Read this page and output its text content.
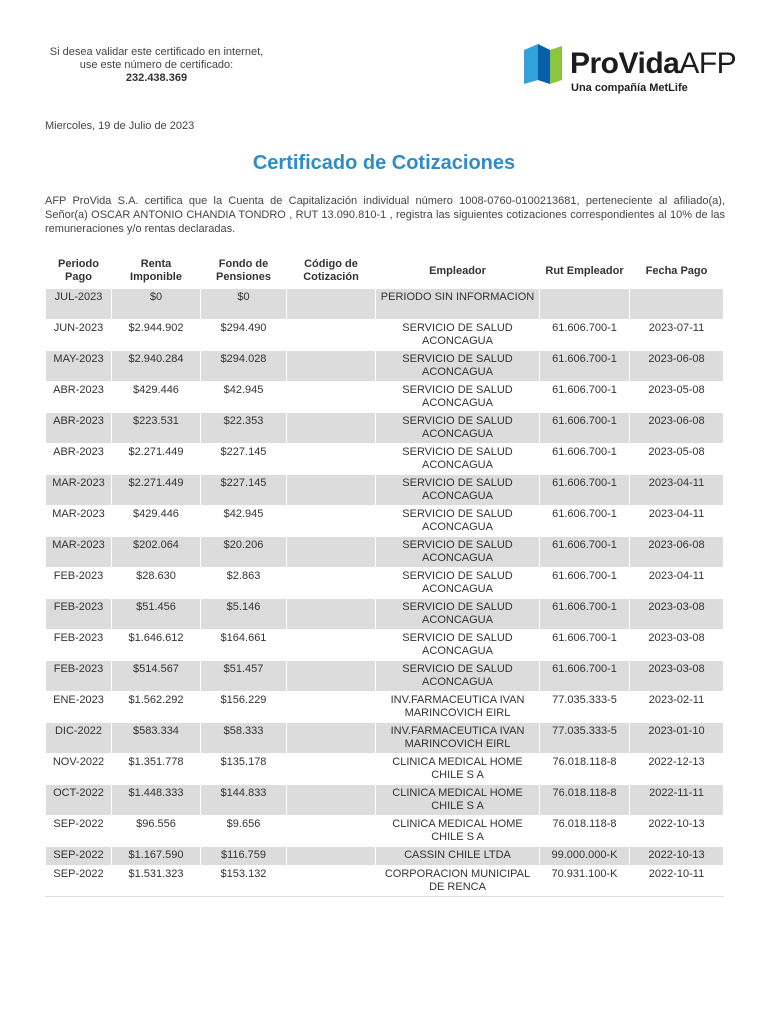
Si desea validar este certificado en internet,
use este número de certificado:
232.438.369	ProVidaAFP
Una compañía MetLife
Miercoles, 19 de Julio de 2023
Certificado de Cotizaciones
AFP ProVida S.A. certifica que la Cuenta de Capitalización individual número 1008-0760-0100213681, perteneciente al afiliado(a), Señor(a) OSCAR ANTONIO CHANDIA TONDRO , RUT 13.090.810-1 , registra las siguientes cotizaciones correspondientes al 10% de las remuneraciones y/o rentas declaradas.
Periodo Pago	Renta Imponible	Fondo de Pensiones	Código de Cotización	Empleador	Rut Empleador	Fecha Pago
JUL-2023	$0	$0		PERIODO SIN INFORMACION		
JUN-2023	$2.944.902	$294.490		SERVICIO DE SALUD ACONCAGUA	61.606.700-1	2023-07-11
MAY-2023	$2.940.284	$294.028		SERVICIO DE SALUD ACONCAGUA	61.606.700-1	2023-06-08
ABR-2023	$429.446	$42.945		SERVICIO DE SALUD ACONCAGUA	61.606.700-1	2023-05-08
ABR-2023	$223.531	$22.353		SERVICIO DE SALUD ACONCAGUA	61.606.700-1	2023-06-08
ABR-2023	$2.271.449	$227.145		SERVICIO DE SALUD ACONCAGUA	61.606.700-1	2023-05-08
MAR-2023	$2.271.449	$227.145		SERVICIO DE SALUD ACONCAGUA	61.606.700-1	2023-04-11
MAR-2023	$429.446	$42.945		SERVICIO DE SALUD ACONCAGUA	61.606.700-1	2023-04-11
MAR-2023	$202.064	$20.206		SERVICIO DE SALUD ACONCAGUA	61.606.700-1	2023-06-08
FEB-2023	$28.630	$2.863		SERVICIO DE SALUD ACONCAGUA	61.606.700-1	2023-04-11
FEB-2023	$51.456	$5.146		SERVICIO DE SALUD ACONCAGUA	61.606.700-1	2023-03-08
FEB-2023	$1.646.612	$164.661		SERVICIO DE SALUD ACONCAGUA	61.606.700-1	2023-03-08
FEB-2023	$514.567	$51.457		SERVICIO DE SALUD ACONCAGUA	61.606.700-1	2023-03-08
ENE-2023	$1.562.292	$156.229		INV.FARMACEUTICA IVAN MARINCOVICH EIRL	77.035.333-5	2023-02-11
DIC-2022	$583.334	$58.333		INV.FARMACEUTICA IVAN MARINCOVICH EIRL	77.035.333-5	2023-01-10
NOV-2022	$1.351.778	$135.178		CLINICA MEDICAL HOME CHILE S A	76.018.118-8	2022-12-13
OCT-2022	$1.448.333	$144.833		CLINICA MEDICAL HOME CHILE S A	76.018.118-8	2022-11-11
SEP-2022	$96.556	$9.656		CLINICA MEDICAL HOME CHILE S A	76.018.118-8	2022-10-13
SEP-2022	$1.167.590	$116.759		CASSIN CHILE LTDA	99.000.000-K	2022-10-13
SEP-2022	$1.531.323	$153.132		CORPORACION MUNICIPAL DE RENCA	70.931.100-K	2022-10-11
